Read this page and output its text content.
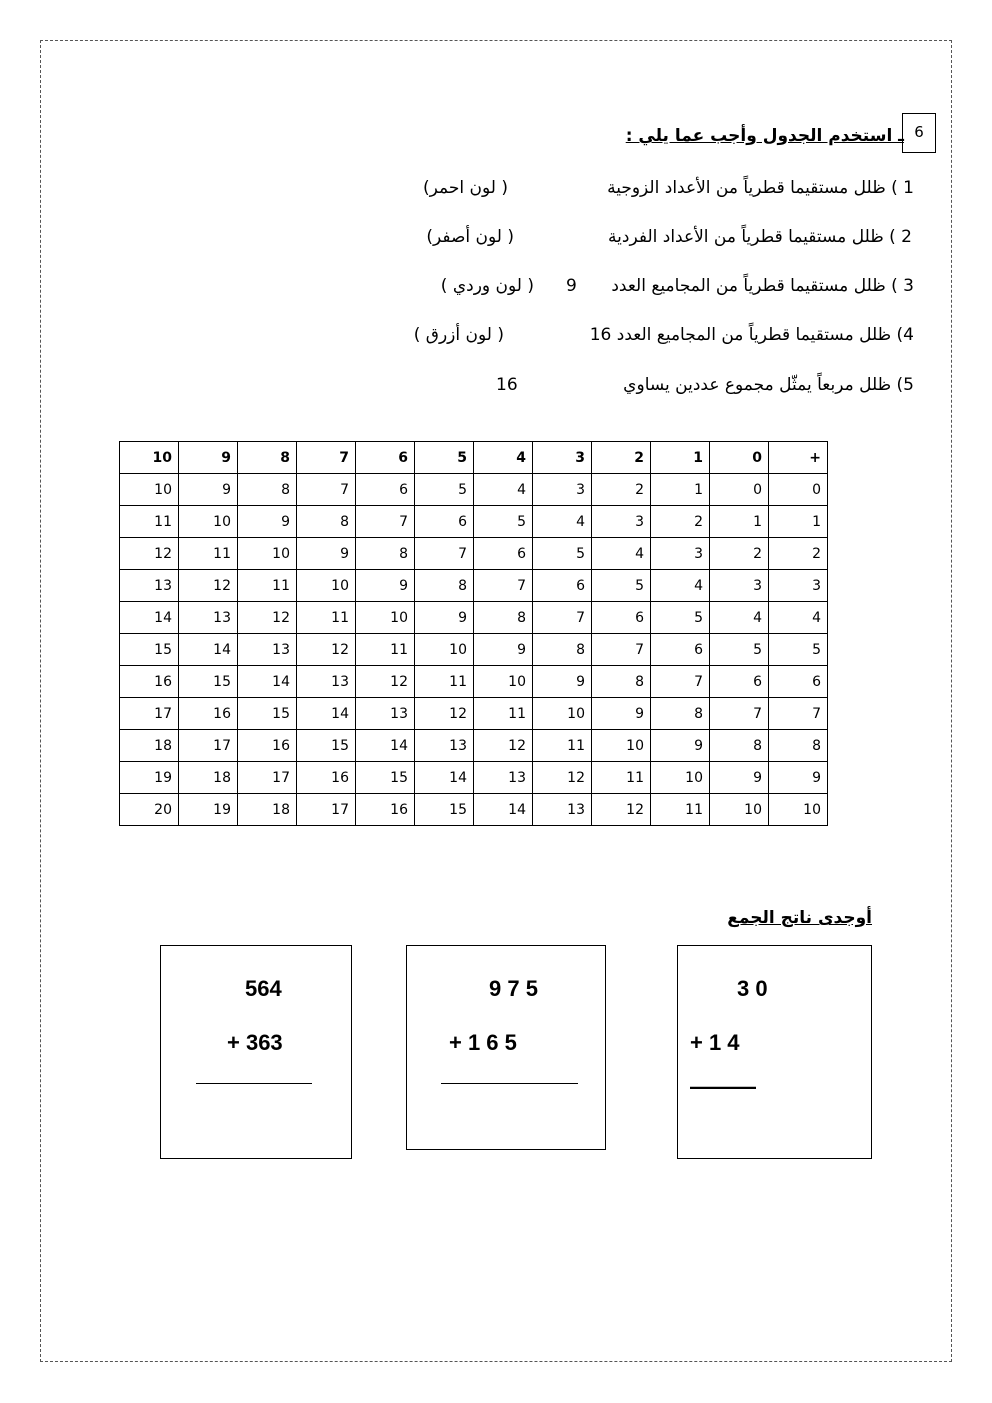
6
ـ استخدم الجدول وأجب عما يلي :
1 ) ظلل مستقيما قطرياً من الأعداد الزوجية
( لون احمر)
2 ) ظلل مستقيما قطرياً من الأعداد الفردية
( لون أصفر)
3 ) ظلل مستقيما قطرياً من المجاميع العدد
9
( لون وردي )
4) ظلل مستقيما قطرياً من المجاميع العدد 16
( لون أزرق )
5) ظلل مربعاً يمثّل مجموع عددين يساوي
16
+	0	1	2	3	4	5	6	7	8	9	10
0	0	1	2	3	4	5	6	7	8	9	10
1	1	2	3	4	5	6	7	8	9	10	11
2	2	3	4	5	6	7	8	9	10	11	12
3	3	4	5	6	7	8	9	10	11	12	13
4	4	5	6	7	8	9	10	11	12	13	14
5	5	6	7	8	9	10	11	12	13	14	15
6	6	7	8	9	10	11	12	13	14	15	16
7	7	8	9	10	11	12	13	14	15	16	17
8	8	9	10	11	12	13	14	15	16	17	18
9	9	10	11	12	13	14	15	16	17	18	19
10	10	11	12	13	14	15	16	17	18	19	20
أوجدى ناتج الجمع
564
+ 363
9 7 5
+ 1 6 5
3 0
+ 1 4
———
